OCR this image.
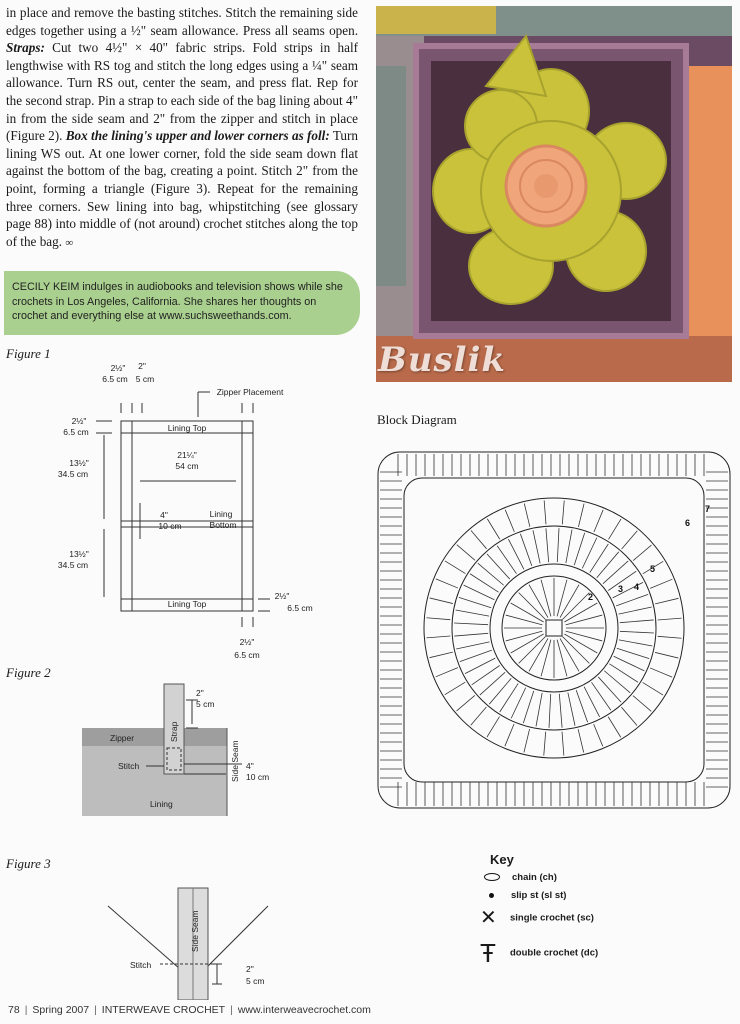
in place and remove the basting stitches. Stitch the remaining side edges together using a ½" seam allowance. Press all seams open. Straps: Cut two 4½" × 40" fabric strips. Fold strips in half lengthwise with RS tog and stitch the long edges using a ¼" seam allowance. Turn RS out, center the seam, and press flat. Rep for the second strap. Pin a strap to each side of the bag lining about 4" in from the side seam and 2" from the zipper and stitch in place (Figure 2). Box the lining's upper and lower corners as foll: Turn lining WS out. At one lower corner, fold the side seam down flat against the bottom of the bag, creating a point. Stitch 2" from the point, forming a triangle (Figure 3). Repeat for the remaining three corners. Sew lining into bag, whipstitching (see glossary page 88) into middle of (not around) crochet stitches along the top of the bag. ∞

CECILY KEIM indulges in audiobooks and television shows while she crochets in Los Angeles, California. She shares her thoughts on crochet and everything else at www.suchsweethands.com.
Buslik
Figure 1
2½"
6.5 cm
2"
5 cm
Zipper Placement
2½"
6.5 cm
13½"
34.5 cm
13½"
34.5 cm
Lining Top
21¼"
54 cm
4"
10 cm
Lining
Bottom
Lining Top
2½"
6.5 cm
2½"
6.5 cm
Figure 2
2"
5 cm
Zipper
Stitch	4"
10 cm
Lining
Strap
Side Seam
Figure 3
Stitch	2"
5 cm
Side Seam
Block Diagram
2
3 4
5
6
7
Key
chain (ch)
slip st (sl st)
✕ single crochet (sc)
Ŧ double crochet (dc)
78 | Spring 2007 | INTERWEAVE CROCHET | www.interweavecrochet.com
